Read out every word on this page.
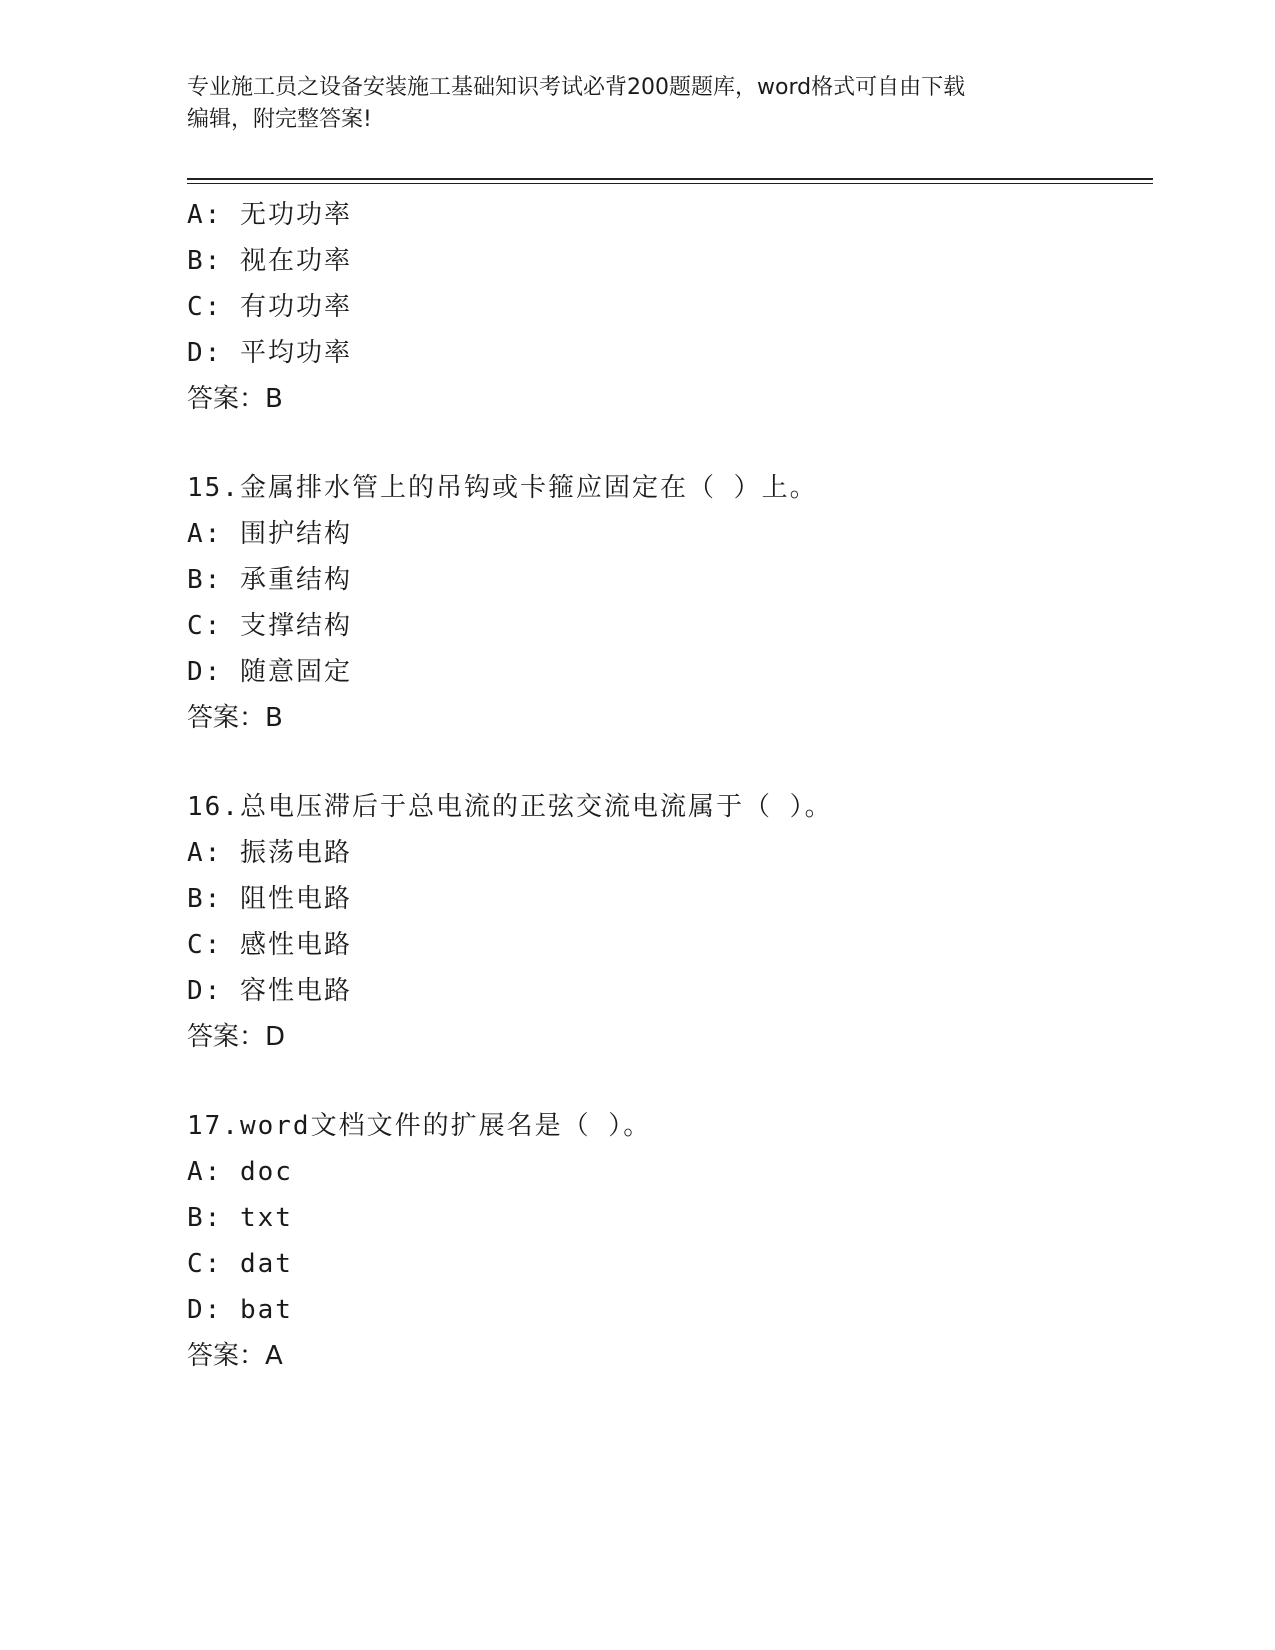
专业施工员之设备安装施工基础知识考试必背200题题库，word格式可自由下载
编辑，附完整答案!
A: 无功功率
B: 视在功率
C: 有功功率
D: 平均功率
答案：B
15.金属排水管上的吊钩或卡箍应固定在（ ）上。
A: 围护结构
B: 承重结构
C: 支撑结构
D: 随意固定
答案：B
16.总电压滞后于总电流的正弦交流电流属于（ ）。
A: 振荡电路
B: 阻性电路
C: 感性电路
D: 容性电路
答案：D
17.word文档文件的扩展名是（ ）。
A: doc
B: txt
C: dat
D: bat
答案：A
